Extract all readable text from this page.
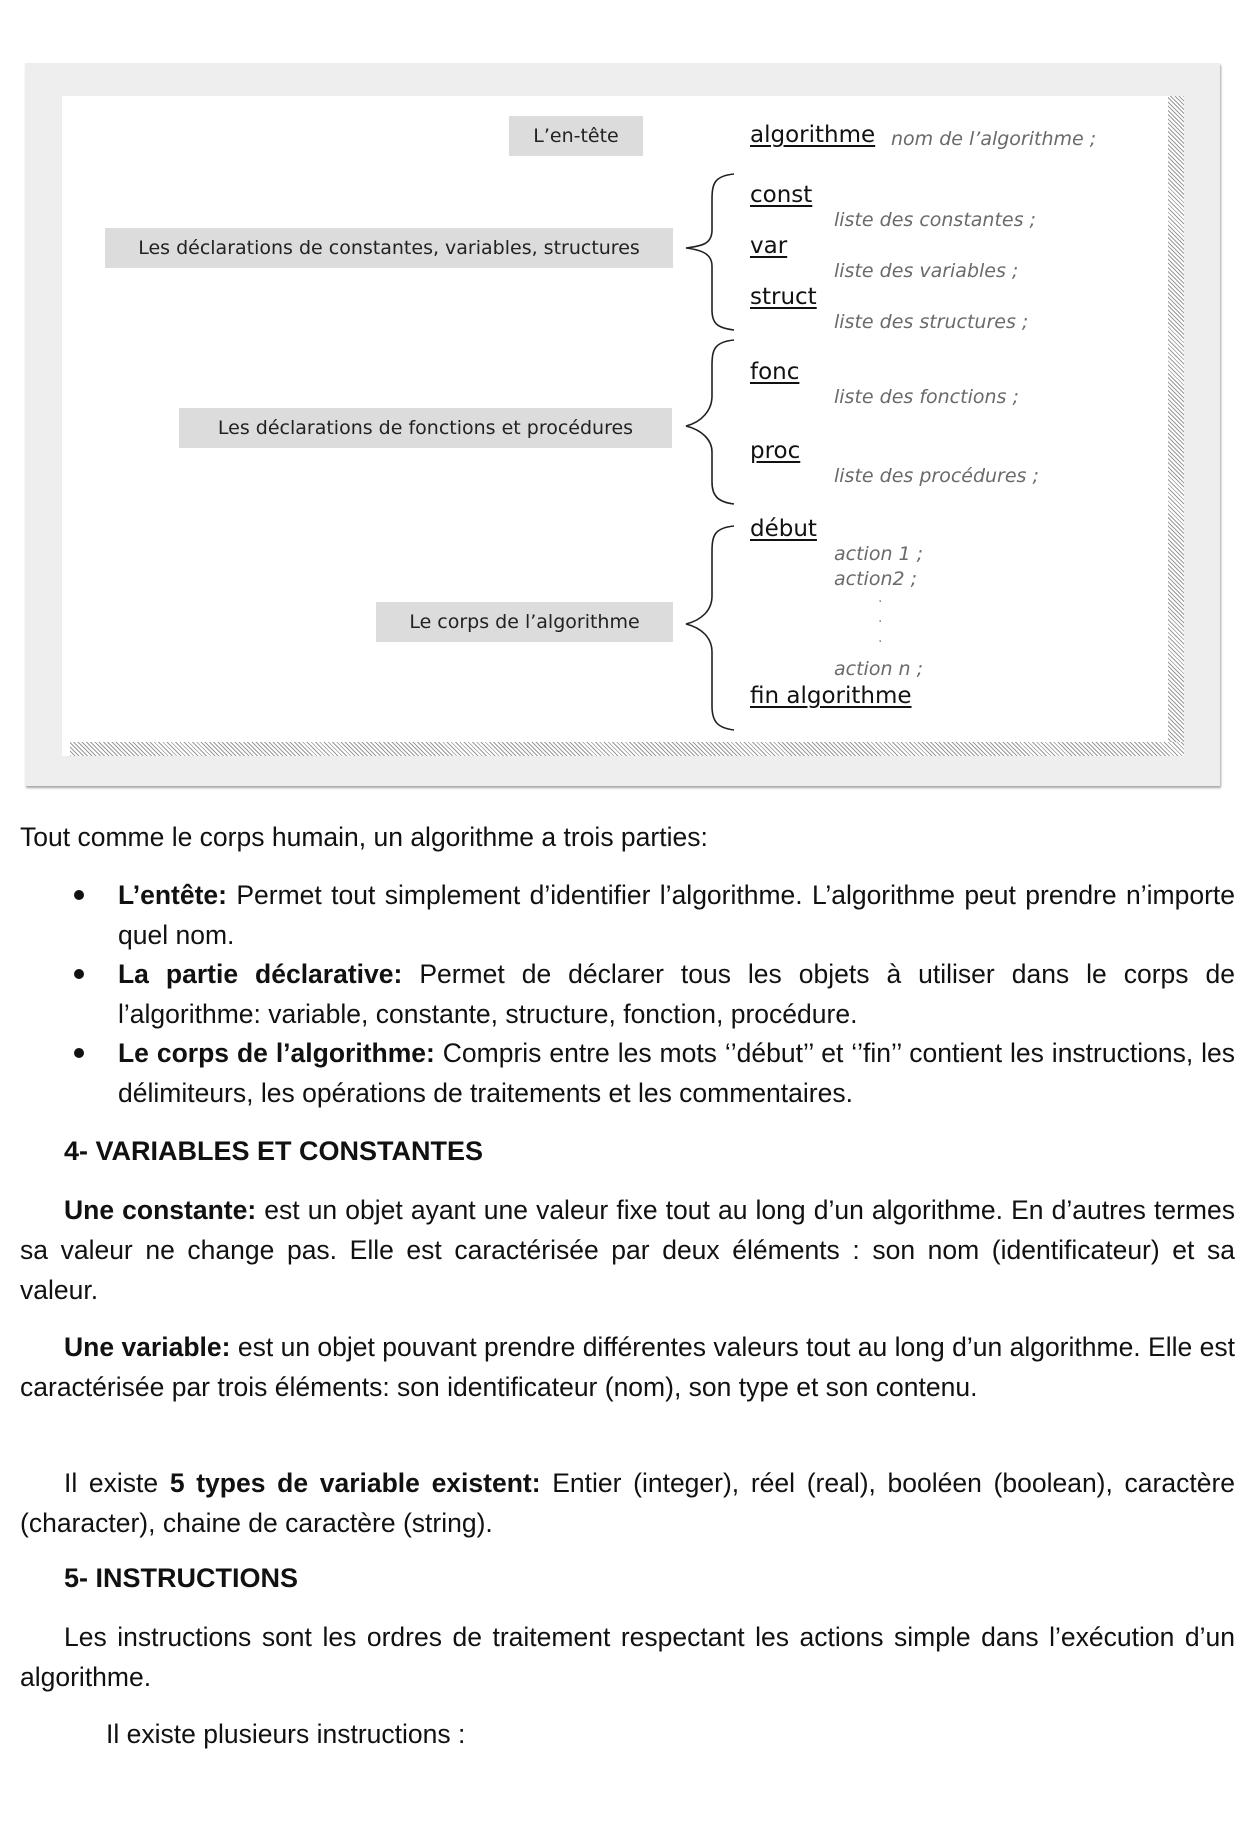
L’en-tête
Les déclarations de constantes, variables, structures
Les déclarations de fonctions et procédures
Le corps de l’algorithme
algorithme nom de l’algorithme ;
const
liste des constantes ;
var
liste des variables ;
struct
liste des structures ;
fonc
liste des fonctions ;
proc
liste des procédures ;
début
action 1 ;
action2 ;
.
.
.
action n ;
fin algorithme
Tout comme le corps humain, un algorithme a trois parties:
L’entête: Permet tout simplement d’identifier l’algorithme. L’algorithme peut prendre n’importe quel nom.
La partie déclarative: Permet de déclarer tous les objets à utiliser dans le corps de l’algorithme: variable, constante, structure, fonction, procédure.
Le corps de l’algorithme: Compris entre les mots ‘’début’’ et ‘’fin’’ contient les instructions, les délimiteurs, les opérations de traitements et les commentaires.
4- VARIABLES ET CONSTANTES
Une constante: est un objet ayant une valeur fixe tout au long d’un algorithme. En d’autres termes sa valeur ne change pas. Elle est caractérisée par deux éléments : son nom (identificateur) et sa valeur.
Une variable: est un objet pouvant prendre différentes valeurs tout au long d’un algorithme. Elle est caractérisée par trois éléments: son identificateur (nom), son type et son contenu.
Il existe 5 types de variable existent: Entier (integer), réel (real), booléen (boolean), caractère (character), chaine de caractère (string).
5- INSTRUCTIONS
Les instructions sont les ordres de traitement respectant les actions simple dans l’exécution d’un algorithme.
Il existe plusieurs instructions :
